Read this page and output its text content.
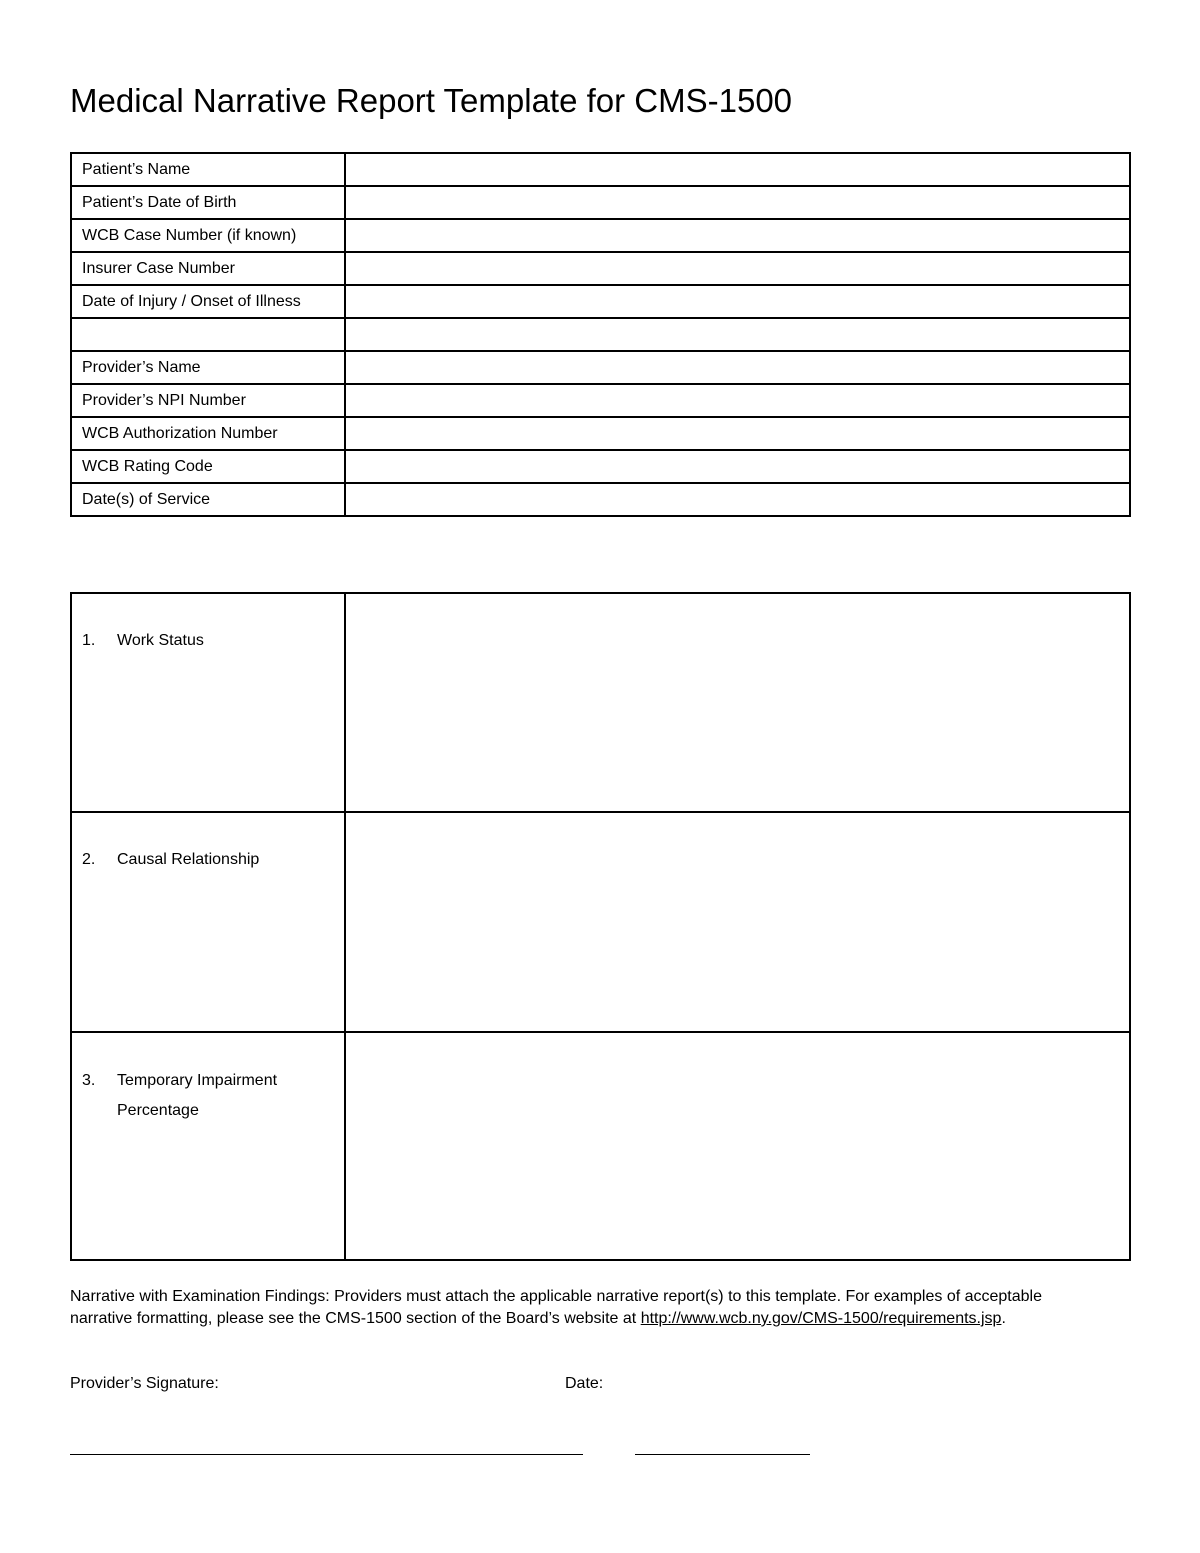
Medical Narrative Report Template for CMS-1500
Patient’s Name	
Patient’s Date of Birth	
WCB Case Number (if known)	
Insurer Case Number	
Date of Injury / Onset of Illness	

Provider’s Name	
Provider’s NPI Number	
WCB Authorization Number	
WCB Rating Code	
Date(s) of Service	
1. Work Status	

2. Causal Relationship	

3. Temporary Impairment Percentage	

Narrative with Examination Findings: Providers must attach the applicable narrative report(s) to this template. For examples of acceptable narrative formatting, please see the CMS-1500 section of the Board’s website at http://www.wcb.ny.gov/CMS-1500/requirements.jsp.

Provider’s Signature:	Date:
